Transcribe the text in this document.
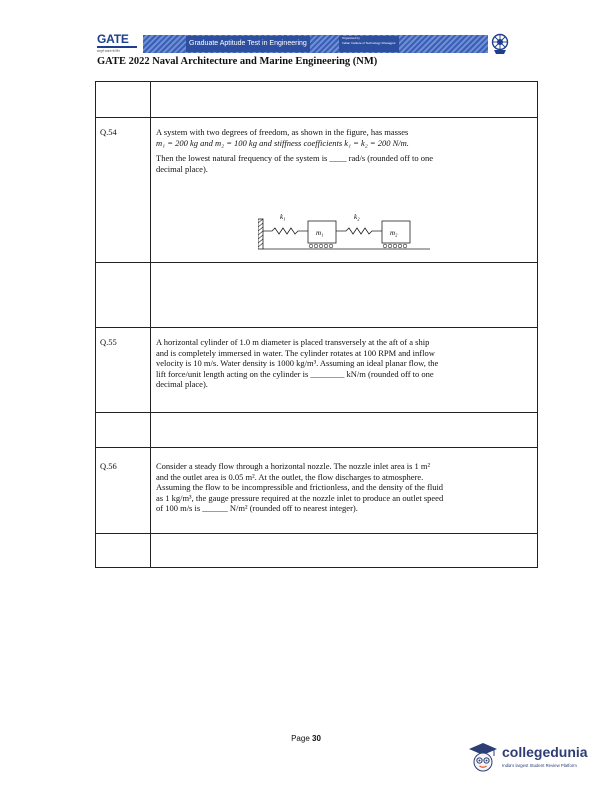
GATE
सम्पूर्ण समाज के लिए
Graduate Aptitude Test in Engineering
Organised by
Indian Institute of Technology Kharagpur
GATE 2022 Naval Architecture and Marine Engineering (NM)
Q.54	A system with two degrees of freedom, as shown in the figure, has masses
m₁ = 200 kg and m₂ = 100 kg and stiffness coefficients k₁ = k₂ = 200 N/m.

Then the lowest natural frequency of the system is ____ rad/s (rounded off to one
decimal place).

k₁
m₁
k₂
m₂
Q.55	A horizontal cylinder of 1.0 m diameter is placed transversely at the aft of a ship
and is completely immersed in water. The cylinder rotates at 100 RPM and inflow
velocity is 10 m/s. Water density is 1000 kg/m³. Assuming an ideal planar flow, the
lift force/unit length acting on the cylinder is ________ kN/m (rounded off to one
decimal place).
Q.56	Consider a steady flow through a horizontal nozzle. The nozzle inlet area is 1 m²
and the outlet area is 0.05 m². At the outlet, the flow discharges to atmosphere.
Assuming the flow to be incompressible and frictionless, and the density of the fluid
as 1 kg/m³, the gauge pressure required at the nozzle inlet to produce an outlet speed
of 100 m/s is ______ N/m² (rounded off to nearest integer).
Page 30
collegedunia
India's largest Student Review Platform
